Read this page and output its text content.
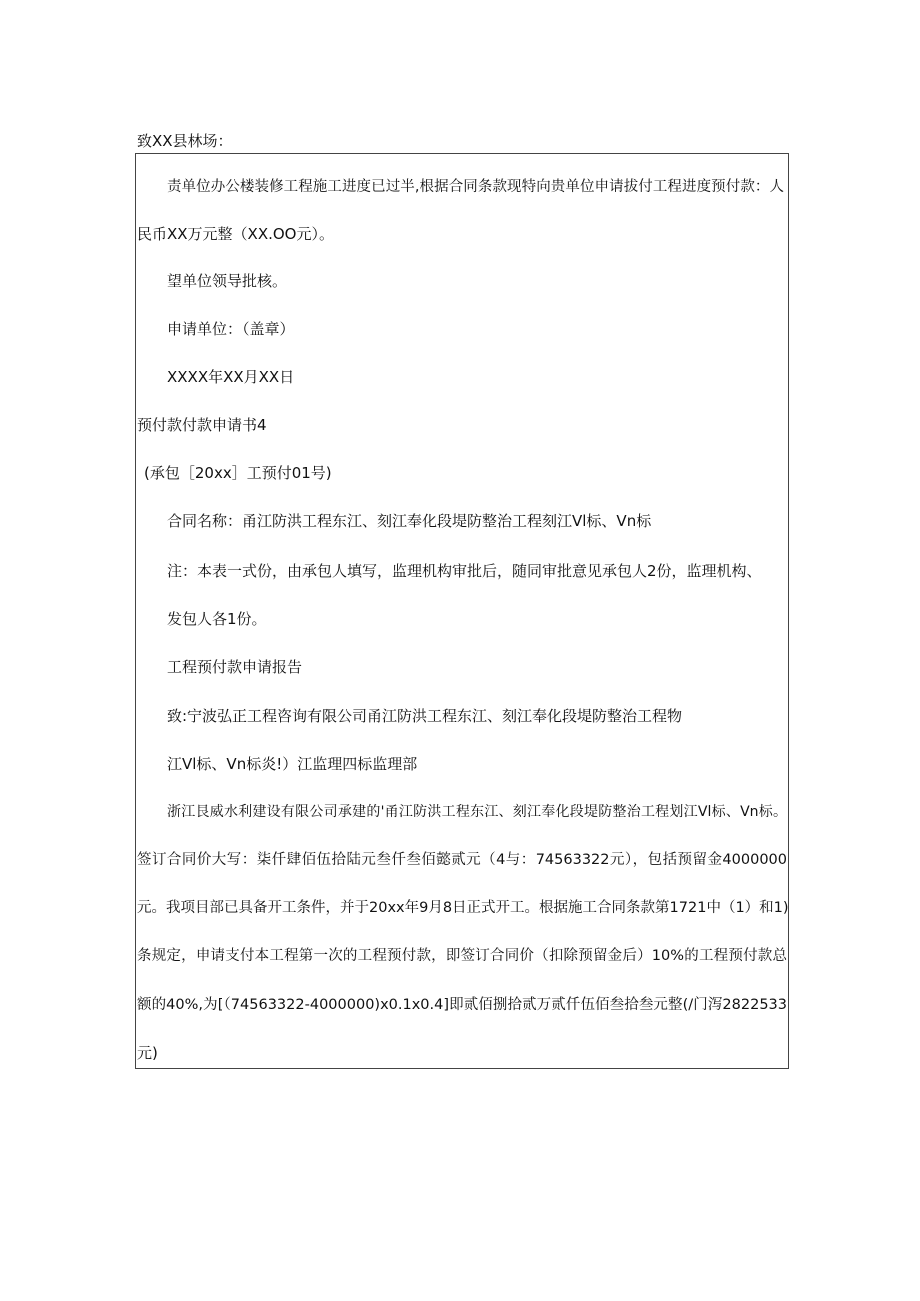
致XX县林场：
责单位办公楼装修工程施工进度已过半,根据合同条款现特向贵单位申请拔付工程进度预付款：人
民币XX万元整（XX.OO元）。
望单位领导批核。
申请单位：（盖章）
XXXX年XX月XX日
预付款付款申请书4
(承包［20xx］工预付01号)
合同名称：甬江防洪工程东江、刻江奉化段堤防整治工程刻江Vl标、Vn标
注：本表一式份，由承包人填写，监理机构审批后，随同审批意见承包人2份，监理机构、
发包人各1份。
工程预付款申请报告
致:宁波弘正工程咨询有限公司甬江防洪工程东江、刻江奉化段堤防整治工程物
江Vl标、Vn标炎!）江监理四标监理部
浙江艮威水利建设有限公司承建的'甬江防洪工程东江、刻江奉化段堤防整治工程划江Vl标、Vn标。
签订合同价大写：柒仟肆佰伍拾陆元叁仟叁佰懿贰元（4与：74563322元），包括预留金4000000
元。我项目部已具备开工条件，并于20xx年9月8日正式开工。根据施工合同条款第1721中（1）和1)
条规定，申请支付本工程第一次的工程预付款，即签订合同价（扣除预留金后）10%的工程预付款总
额的40%,为[（74563322-4000000)x0.1x0.4]即贰佰捌拾贰万贰仟伍佰叁拾叁元整(/门泻2822533
元)
